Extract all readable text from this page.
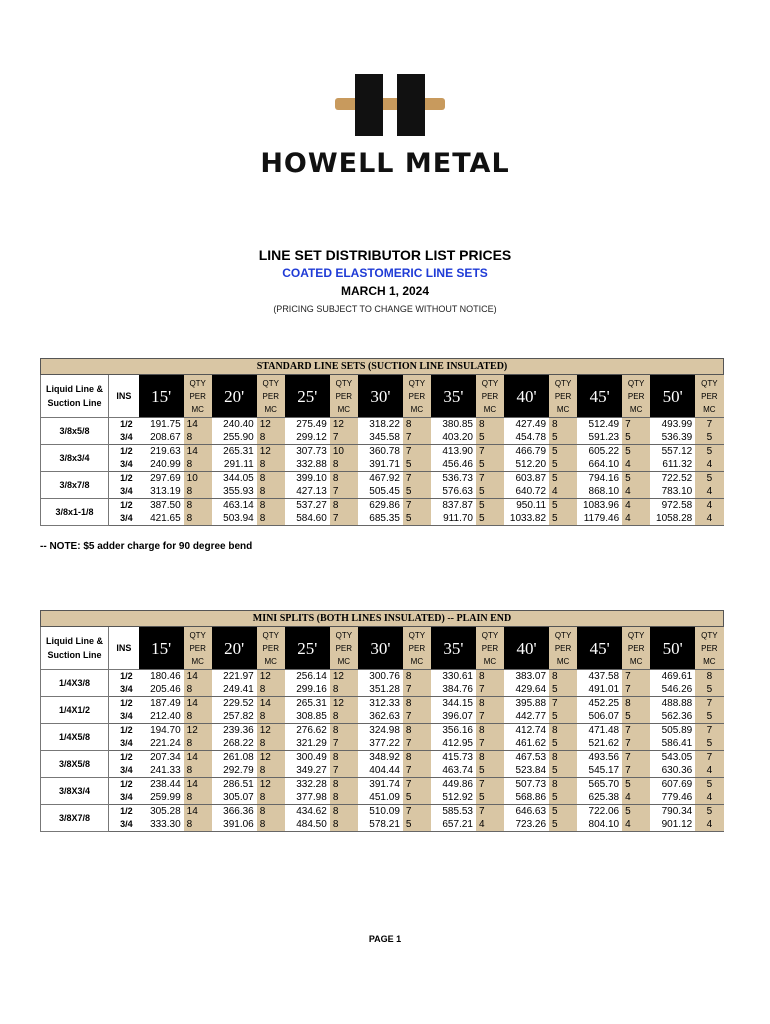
HOWELL METAL
LINE SET DISTRIBUTOR LIST PRICES
COATED ELASTOMERIC LINE SETS
MARCH 1, 2024
(PRICING SUBJECT TO CHANGE WITHOUT NOTICE)
STANDARD LINE SETS (SUCTION LINE INSULATED)																	
Liquid Line &
Suction Line	INS	15'	QTY
PER
MC	20'	QTY
PER
MC	25'	QTY
PER
MC	30'	QTY
PER
MC	35'	QTY
PER
MC	40'	QTY
PER
MC	45'	QTY
PER
MC	50'	QTY
PER
MC
3/8x5/8	1/2	191.75	14	240.40	12	275.49	12	318.22	8	380.85	8	427.49	8	512.49	7	493.99	7
	3/4	208.67	8	255.90	8	299.12	7	345.58	7	403.20	5	454.78	5	591.23	5	536.39	5
3/8x3/4	1/2	219.63	14	265.31	12	307.73	10	360.78	7	413.90	7	466.79	5	605.22	5	557.12	5
	3/4	240.99	8	291.11	8	332.88	8	391.71	5	456.46	5	512.20	5	664.10	4	611.32	4
3/8x7/8	1/2	297.69	10	344.05	8	399.10	8	467.92	7	536.73	7	603.87	5	794.16	5	722.52	5
	3/4	313.19	8	355.93	8	427.13	7	505.45	5	576.63	5	640.72	4	868.10	4	783.10	4
3/8x1-1/8	1/2	387.50	8	463.14	8	537.27	8	629.86	7	837.87	5	950.11	5	1083.96	4	972.58	4
	3/4	421.65	8	503.94	8	584.60	7	685.35	5	911.70	5	1033.82	5	1179.46	4	1058.28	4
-- NOTE: $5 adder charge for 90 degree bend
MINI SPLITS (BOTH LINES INSULATED) -- PLAIN END																	
Liquid Line &
Suction Line	INS	15'	QTY
PER
MC	20'	QTY
PER
MC	25'	QTY
PER
MC	30'	QTY
PER
MC	35'	QTY
PER
MC	40'	QTY
PER
MC	45'	QTY
PER
MC	50'	QTY
PER
MC
1/4X3/8	1/2	180.46	14	221.97	12	256.14	12	300.76	8	330.61	8	383.07	8	437.58	7	469.61	8
	3/4	205.46	8	249.41	8	299.16	8	351.28	7	384.76	7	429.64	5	491.01	7	546.26	5
1/4X1/2	1/2	187.49	14	229.52	14	265.31	12	312.33	8	344.15	8	395.88	7	452.25	8	488.88	7
	3/4	212.40	8	257.82	8	308.85	8	362.63	7	396.07	7	442.77	5	506.07	5	562.36	5
1/4X5/8	1/2	194.70	12	239.36	12	276.62	8	324.98	8	356.16	8	412.74	8	471.48	7	505.89	7
	3/4	221.24	8	268.22	8	321.29	7	377.22	7	412.95	7	461.62	5	521.62	7	586.41	5
3/8X5/8	1/2	207.34	14	261.08	12	300.49	8	348.92	8	415.73	8	467.53	8	493.56	7	543.05	7
	3/4	241.33	8	292.79	8	349.27	7	404.44	7	463.74	5	523.84	5	545.17	7	630.36	4
3/8X3/4	1/2	238.44	14	286.51	12	332.28	8	391.74	7	449.86	7	507.73	8	565.70	5	607.69	5
	3/4	259.99	8	305.07	8	377.98	8	451.09	5	512.92	5	568.86	5	625.38	4	779.46	4
3/8X7/8	1/2	305.28	14	366.36	8	434.62	8	510.09	7	585.53	7	646.63	5	722.06	5	790.34	5
	3/4	333.30	8	391.06	8	484.50	8	578.21	5	657.21	4	723.26	5	804.10	4	901.12	4
PAGE 1
